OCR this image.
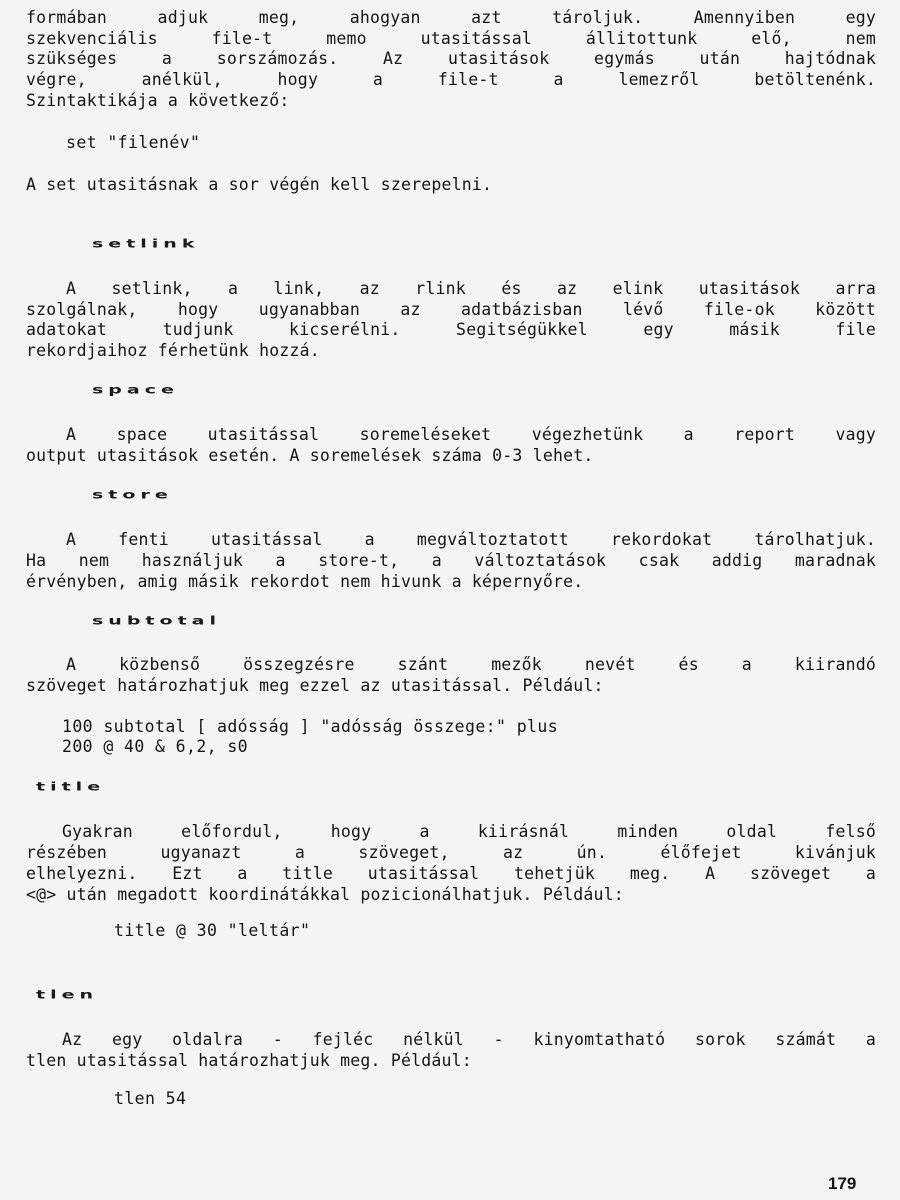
formában adjuk meg, ahogyan azt tároljuk. Amennyiben egy
szekvenciális file-t memo utasitással állitottunk elő, nem
szükséges a sorszámozás. Az utasitások egymás után hajtódnak
végre, anélkül, hogy a file-t a lemezről betöltenénk.
Szintaktikája a következő:
set "filenév"
A set utasitásnak a sor végén kell szerepelni.
setlink
A setlink, a link, az rlink és az elink utasitások arra
szolgálnak, hogy ugyanabban az adatbázisban lévő file-ok között
adatokat tudjunk kicserélni. Segitségükkel egy másik file
rekordjaihoz férhetünk hozzá.
space
A space utasitással soremeléseket végezhetünk a report vagy
output utasitások esetén. A soremelések száma 0-3 lehet.
store
A fenti utasitással a megváltoztatott rekordokat tárolhatjuk.
Ha nem használjuk a store-t, a változtatások csak addig maradnak
érvényben, amig másik rekordot nem hivunk a képernyőre.
subtotal
A közbenső összegzésre szánt mezők nevét és a kiirandó
szöveget határozhatjuk meg ezzel az utasitással. Például:
100 subtotal [ adósság ] "adósság összege:" plus
200 @ 40 & 6,2, s0
title
Gyakran előfordul, hogy a kiirásnál minden oldal felső
részében ugyanazt a szöveget, az ún. élőfejet kivánjuk
elhelyezni. Ezt a title utasitással tehetjük meg. A szöveget a
<@> után megadott koordinátákkal pozicionálhatjuk. Például:
title @ 30 "leltár"
tlen
Az egy oldalra - fejléc nélkül - kinyomtatható sorok számát a
tlen utasitással határozhatjuk meg. Például:
tlen 54
179
